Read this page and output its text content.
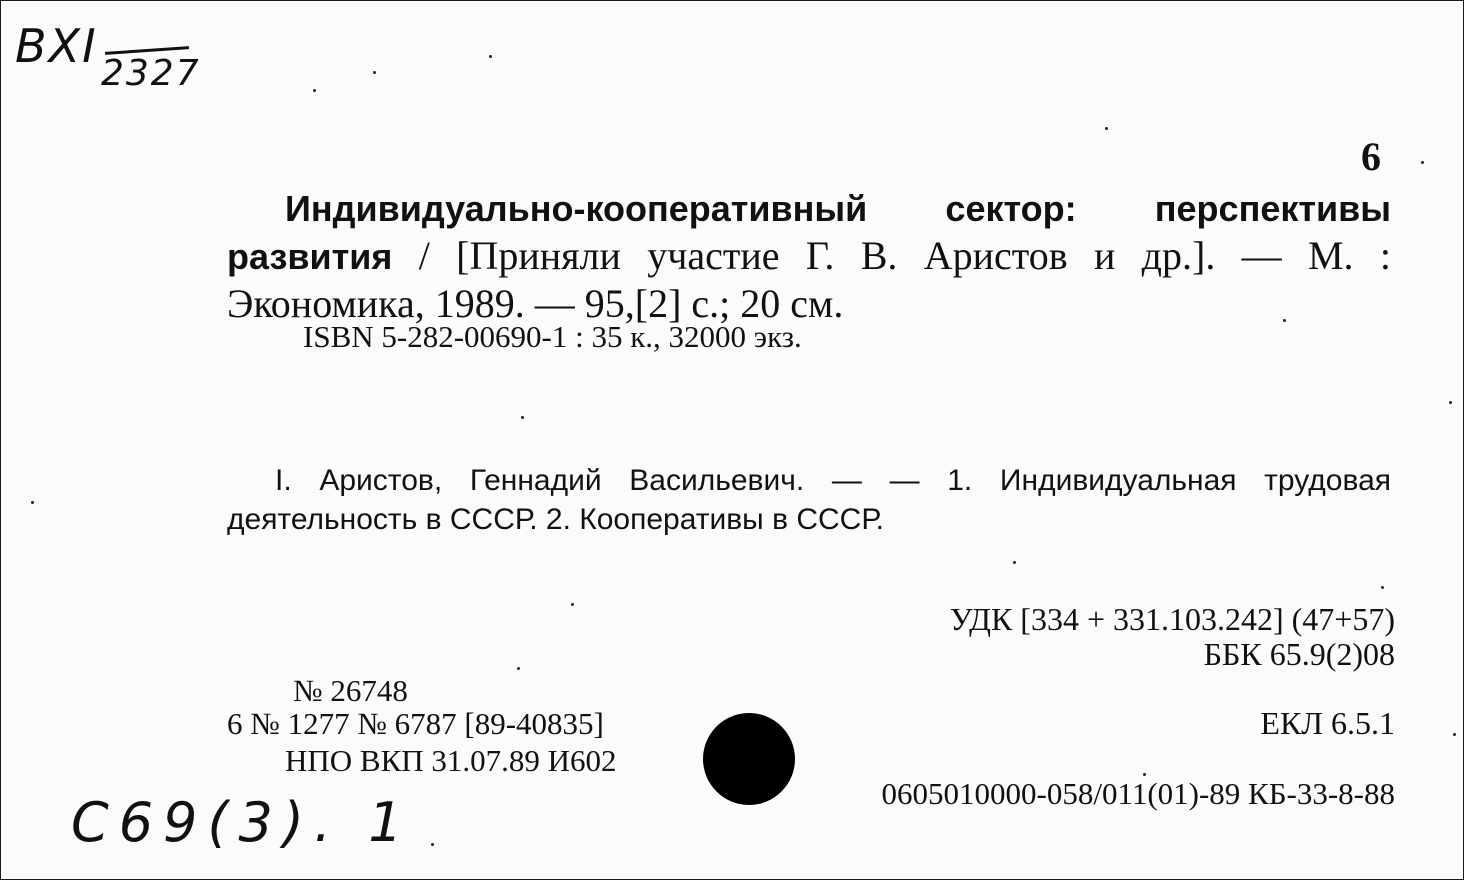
ВХІ
2327
6
Индивидуально-кооперативный сектор: перспективы развития / [Приняли участие Г. В. Аристов и др.]. — М. : Экономика, 1989. — 95,[2] с.; 20 см.
ISBN 5-282-00690-1 : 35 к., 32000 экз.
I. Аристов, Геннадий Васильевич. — — 1. Индивидуальная трудовая деятельность в СССР. 2. Кооперативы в СССР.
УДК [334 + 331.103.242] (47+57)
ББК 65.9(2)08
№ 26748
6 № 1277 № 6787 [89-40835]
НПО ВКП 31.07.89 И602
ЕКЛ 6.5.1
0605010000-058/011(01)-89 КБ-33-8-88
С69(3). 1
